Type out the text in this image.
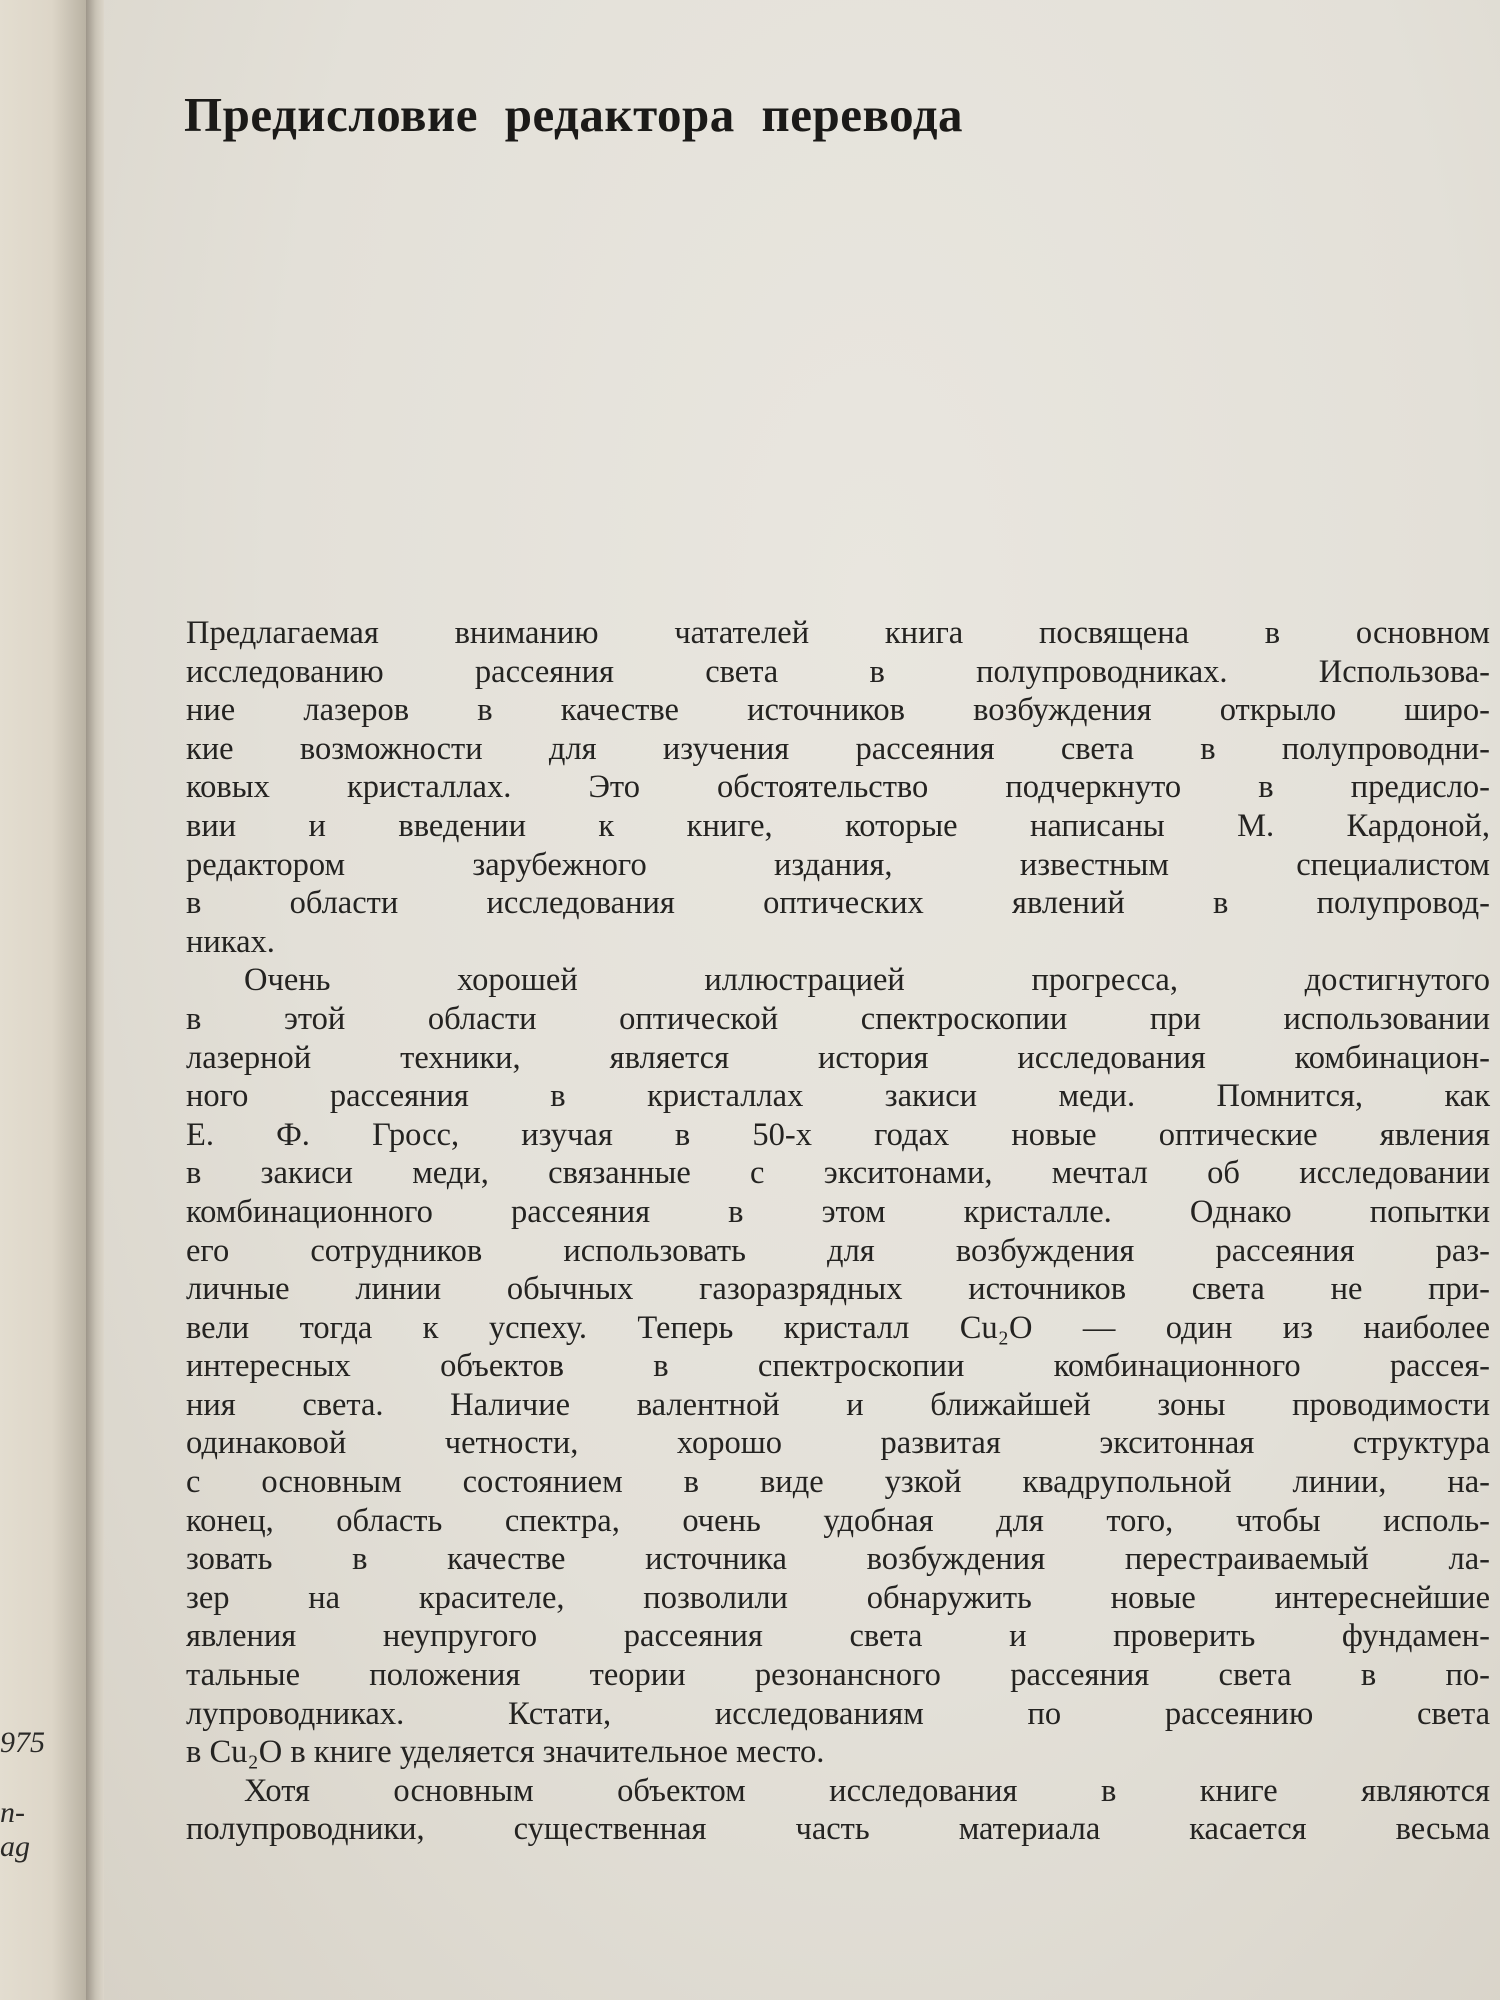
975
n-
ag
Предисловие редактора перевода
Предлагаемая вниманию чатателей книга посвящена в основном
исследованию рассеяния света в полупроводниках. Использова-
ние лазеров в качестве источников возбуждения открыло широ-
кие возможности для изучения рассеяния света в полупроводни-
ковых кристаллах. Это обстоятельство подчеркнуто в предисло-
вии и введении к книге, которые написаны М. Кардоной,
редактором зарубежного издания, известным специалистом
в области исследования оптических явлений в полупровод-
никах.
Очень хорошей иллюстрацией прогресса, достигнутого
в этой области оптической спектроскопии при использовании
лазерной техники, является история исследования комбинацион-
ного рассеяния в кристаллах закиси меди. Помнится, как
Е. Ф. Гросс, изучая в 50-х годах новые оптические явления
в закиси меди, связанные с экситонами, мечтал об исследовании
комбинационного рассеяния в этом кристалле. Однако попытки
его сотрудников использовать для возбуждения рассеяния раз-
личные линии обычных газоразрядных источников света не при-
вели тогда к успеху. Теперь кристалл Cu₂O — один из наиболее
интересных объектов в спектроскопии комбинационного рассея-
ния света. Наличие валентной и ближайшей зоны проводимости
одинаковой четности, хорошо развитая экситонная структура
с основным состоянием в виде узкой квадрупольной линии, на-
конец, область спектра, очень удобная для того, чтобы исполь-
зовать в качестве источника возбуждения перестраиваемый ла-
зер на красителе, позволили обнаружить новые интереснейшие
явления неупругого рассеяния света и проверить фундамен-
тальные положения теории резонансного рассеяния света в по-
лупроводниках. Кстати, исследованиям по рассеянию света
в Cu₂O в книге уделяется значительное место.
Хотя основным объектом исследования в книге являются
полупроводники, существенная часть материала касается весьма
